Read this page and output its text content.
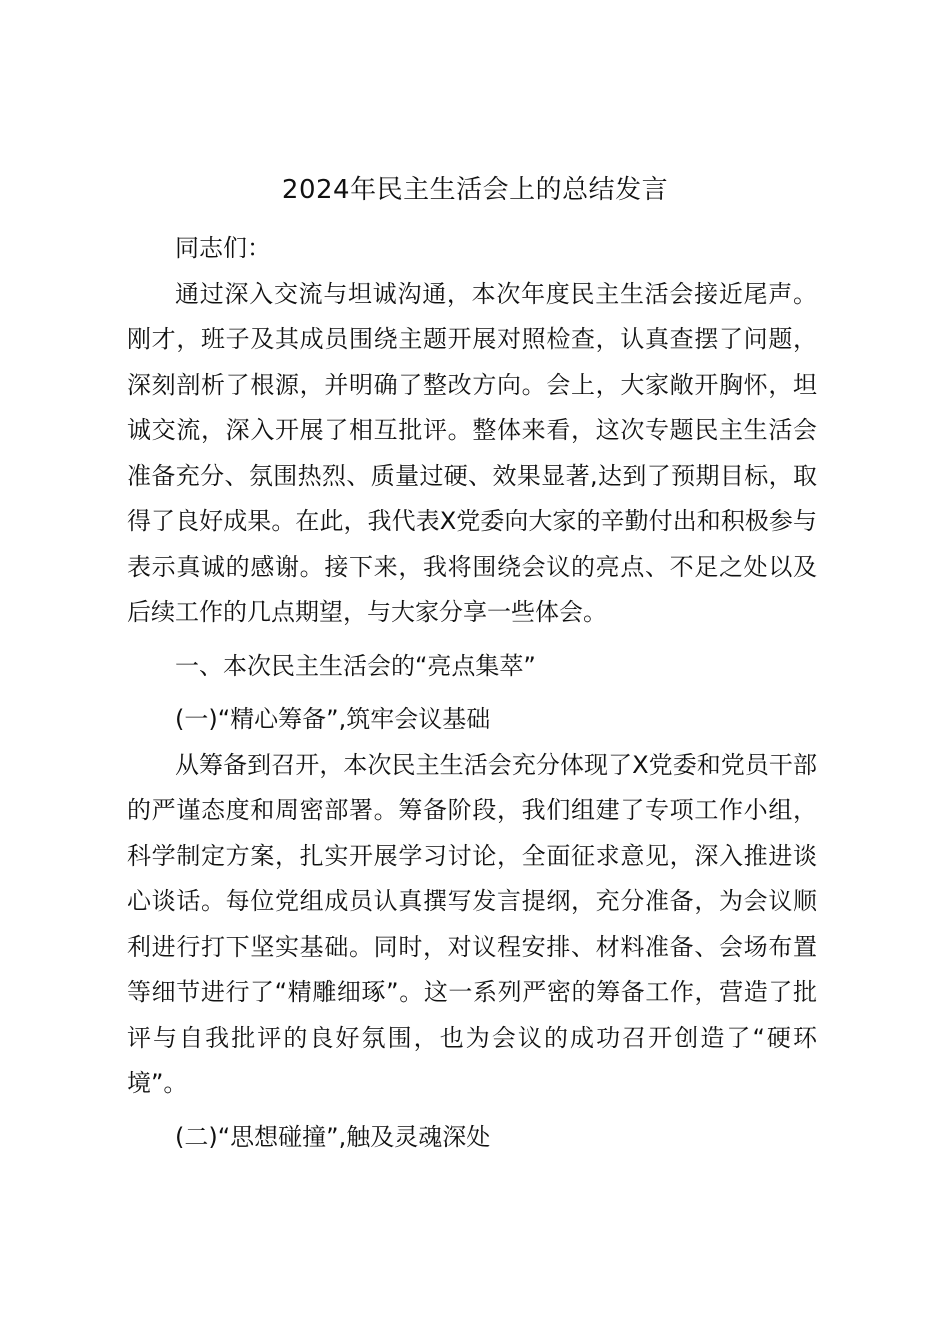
2024年民主生活会上的总结发言

同志们：

通过深入交流与坦诚沟通，本次年度民主生活会接近尾声。刚才，班子及其成员围绕主题开展对照检查，认真查摆了问题，深刻剖析了根源，并明确了整改方向。会上，大家敞开胸怀，坦诚交流，深入开展了相互批评。整体来看，这次专题民主生活会准备充分、氛围热烈、质量过硬、效果显著,达到了预期目标，取得了良好成果。在此，我代表X党委向大家的辛勤付出和积极参与表示真诚的感谢。接下来，我将围绕会议的亮点、不足之处以及后续工作的几点期望，与大家分享一些体会。

一、本次民主生活会的“亮点集萃”

(一)“精心筹备”,筑牢会议基础

从筹备到召开，本次民主生活会充分体现了X党委和党员干部的严谨态度和周密部署。筹备阶段，我们组建了专项工作小组，科学制定方案，扎实开展学习讨论，全面征求意见，深入推进谈心谈话。每位党组成员认真撰写发言提纲，充分准备，为会议顺利进行打下坚实基础。同时，对议程安排、材料准备、会场布置等细节进行了“精雕细琢”。这一系列严密的筹备工作，营造了批评与自我批评的良好氛围，也为会议的成功召开创造了“硬环境”。

(二)“思想碰撞”,触及灵魂深处
